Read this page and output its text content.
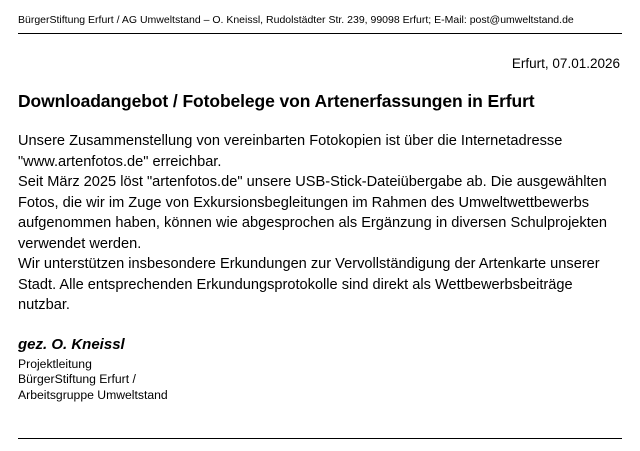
BürgerStiftung Erfurt / AG Umweltstand – O. Kneissl, Rudolstädter Str. 239, 99098 Erfurt; E-Mail: post@umweltstand.de
Erfurt, 07.01.2026
Downloadangebot / Fotobelege von Artenerfassungen in Erfurt

Unsere Zusammenstellung von vereinbarten Fotokopien ist über die Internetadresse "www.artenfotos.de" erreichbar.

Seit März 2025 löst "artenfotos.de" unsere USB-Stick-Dateiübergabe ab. Die ausgewählten Fotos, die wir im Zuge von Exkursionsbegleitungen im Rahmen des Umweltwettbewerbs aufgenommen haben, können wie abgesprochen als Ergänzung in diversen Schulprojekten verwendet werden.

Wir unterstützen insbesondere Erkundungen zur Vervollständigung der Artenkarte unserer Stadt. Alle entsprechenden Erkundungsprotokolle sind direkt als Wettbewerbsbeiträge nutzbar.

gez. O. Kneissl
Projektleitung
BürgerStiftung Erfurt /
Arbeitsgruppe Umweltstand
